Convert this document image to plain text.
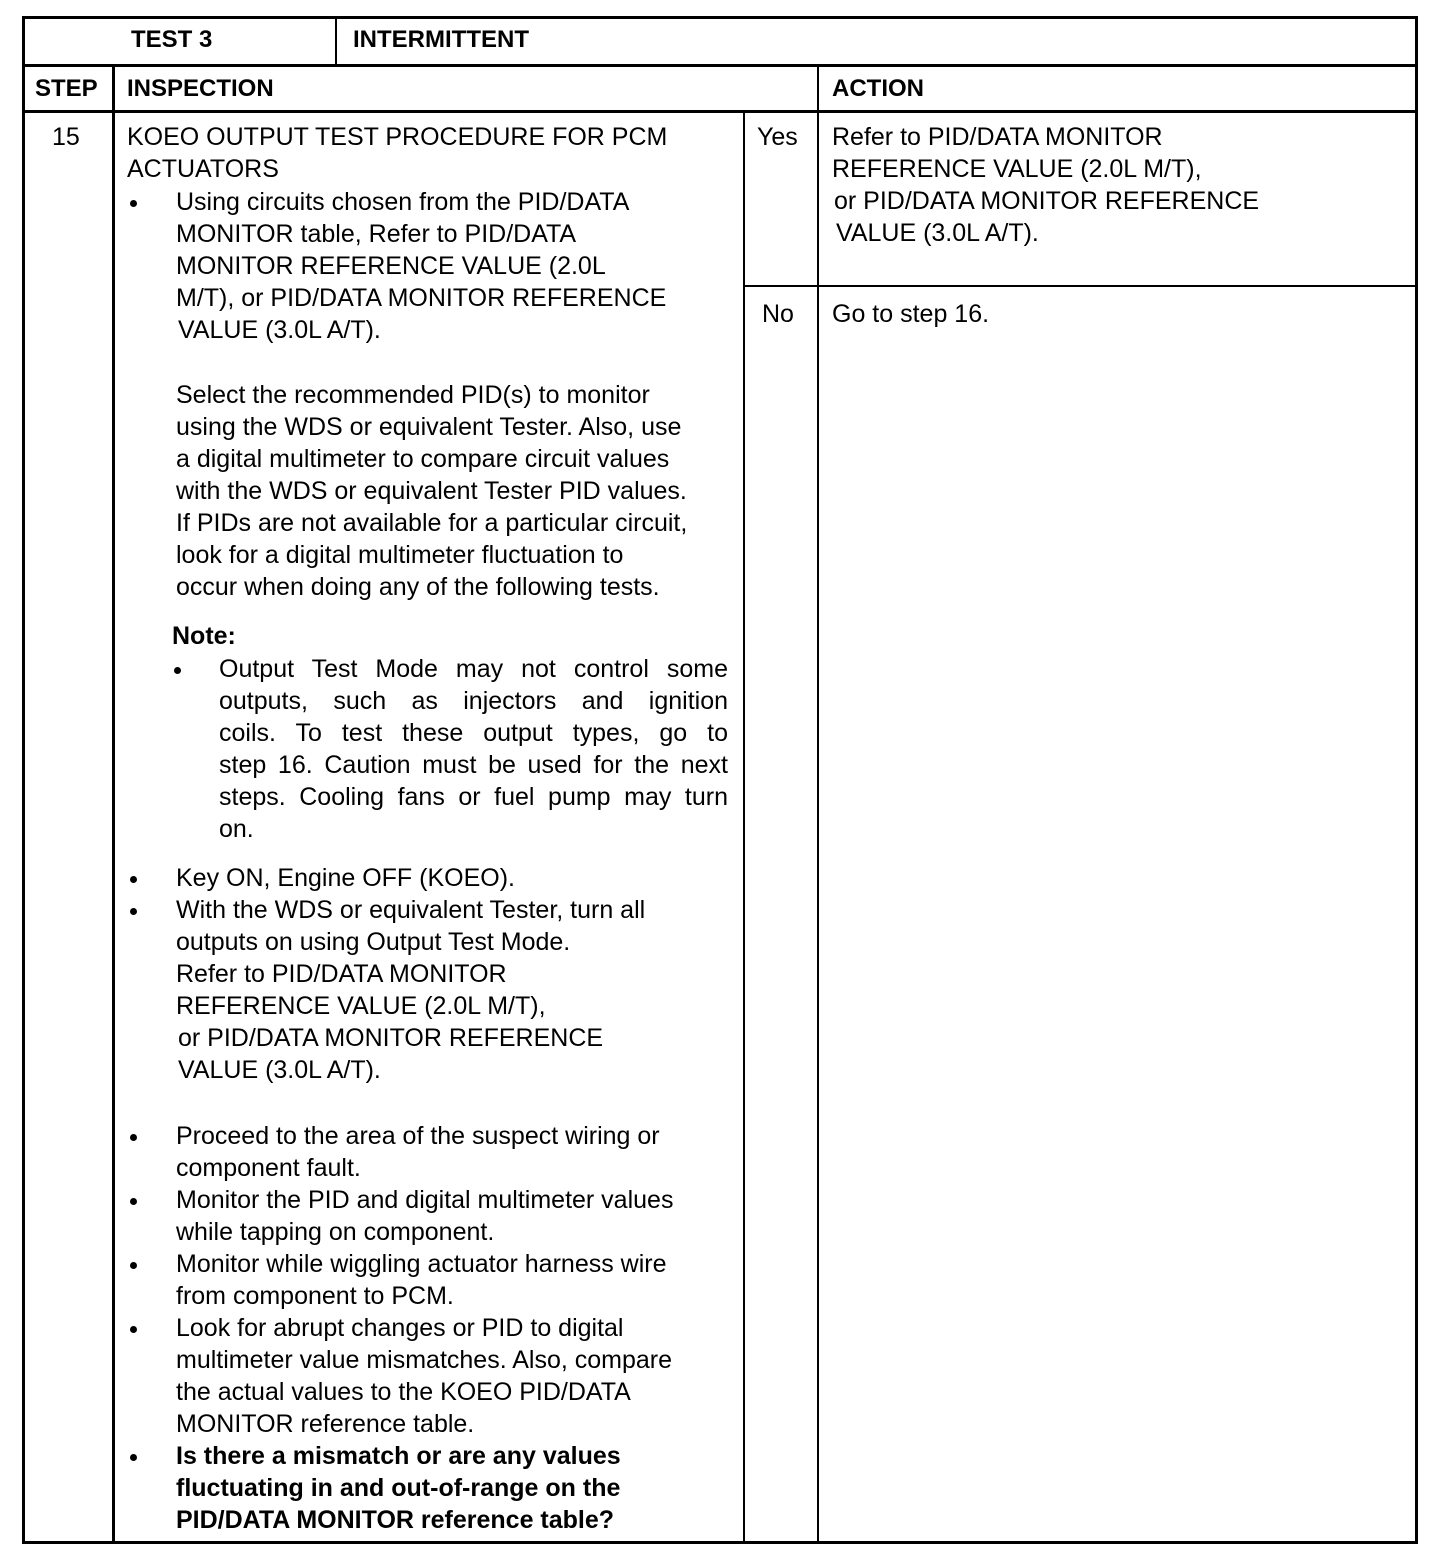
TEST 3	INTERMITTENT
STEP INSPECTION	ACTION
15 KOEO OUTPUT TEST PROCEDURE FOR PCM
ACTUATORS
Using circuits chosen from the PID/DATA
MONITOR table, Refer to PID/DATA
MONITOR REFERENCE VALUE (2.0L
M/T), or PID/DATA MONITOR REFERENCE
VALUE (3.0L A/T).
Select the recommended PID(s) to monitor
using the WDS or equivalent Tester. Also, use
a digital multimeter to compare circuit values
with the WDS or equivalent Tester PID values.
If PIDs are not available for a particular circuit,
look for a digital multimeter fluctuation to
occur when doing any of the following tests.
Note:
Output Test Mode may not control some
outputs, such as injectors and ignition
coils. To test these output types, go to
step 16. Caution must be used for the next
steps. Cooling fans or fuel pump may turn
on.
Key ON, Engine OFF (KOEO).
With the WDS or equivalent Tester, turn all
outputs on using Output Test Mode.
Refer to PID/DATA MONITOR
REFERENCE VALUE (2.0L M/T),
or PID/DATA MONITOR REFERENCE
VALUE (3.0L A/T).
Proceed to the area of the suspect wiring or
component fault.
Monitor the PID and digital multimeter values
while tapping on component.
Monitor while wiggling actuator harness wire
from component to PCM.
Look for abrupt changes or PID to digital
multimeter value mismatches. Also, compare
the actual values to the KOEO PID/DATA
MONITOR reference table.
Is there a mismatch or are any values
fluctuating in and out-of-range on the
PID/DATA MONITOR reference table?
Yes Refer to PID/DATA MONITOR
REFERENCE VALUE (2.0L M/T),
or PID/DATA MONITOR REFERENCE
VALUE (3.0L A/T).
No Go to step 16.
